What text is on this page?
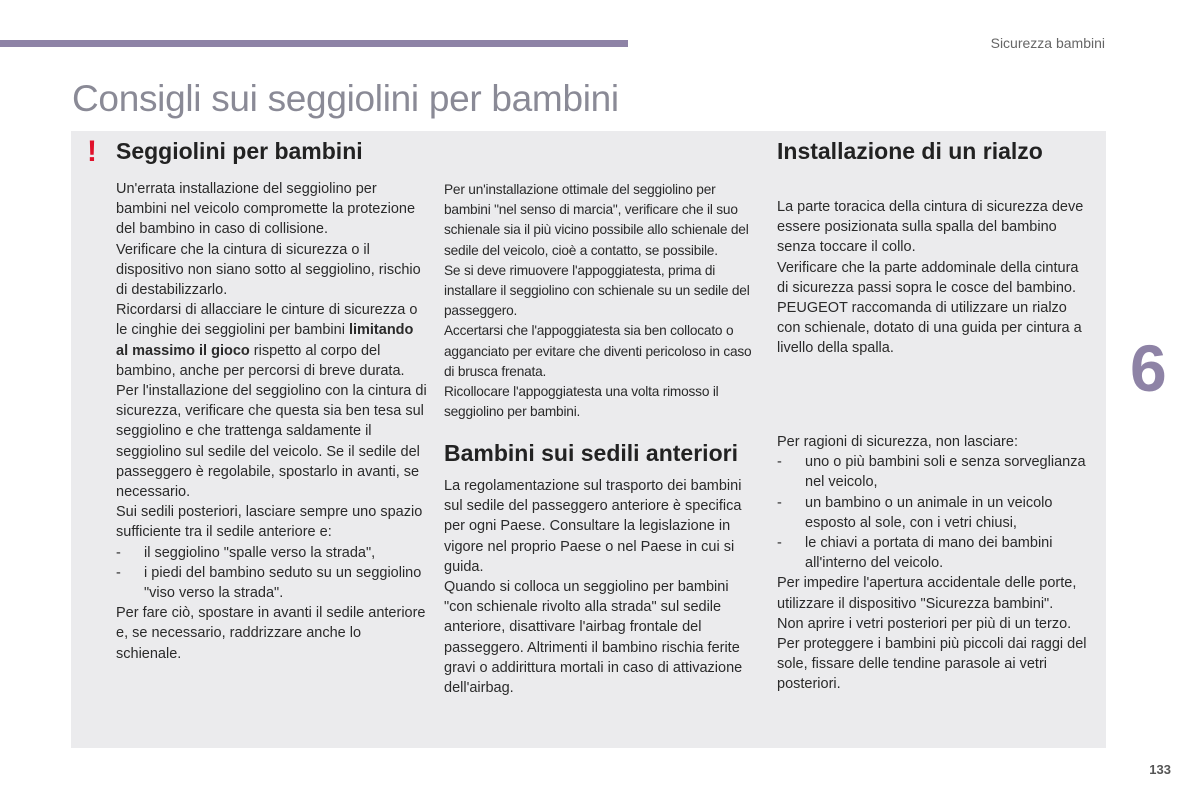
Sicurezza bambini
Consigli sui seggiolini per bambini
! Seggiolini per bambini	Installazione di un rialzo

Un'errata installazione del seggiolino per bambini nel veicolo compromette la protezione del bambino in caso di collisione.

Verificare che la cintura di sicurezza o il dispositivo non siano sotto al seggiolino, rischio di destabilizzarlo.

Ricordarsi di allacciare le cinture di sicurezza o le cinghie dei seggiolini per bambini limitando al massimo il gioco rispetto al corpo del bambino, anche per percorsi di breve durata.

Per l'installazione del seggiolino con la cintura di sicurezza, verificare che questa sia ben tesa sul seggiolino e che trattenga saldamente il seggiolino sul sedile del veicolo. Se il sedile del passeggero è regolabile, spostarlo in avanti, se necessario.

Sui sedili posteriori, lasciare sempre uno spazio sufficiente tra il sedile anteriore e:

-	il seggiolino "spalle verso la strada",
-	i piedi del bambino seduto su un seggiolino "viso verso la strada".

Per fare ciò, spostare in avanti il sedile anteriore e, se necessario, raddrizzare anche lo schienale.

Per un'installazione ottimale del seggiolino per bambini "nel senso di marcia", verificare che il suo schienale sia il più vicino possibile allo schienale del sedile del veicolo, cioè a contatto, se possibile.

Se si deve rimuovere l'appoggiatesta, prima di installare il seggiolino con schienale su un sedile del passeggero.

Accertarsi che l'appoggiatesta sia ben collocato o agganciato per evitare che diventi pericoloso in caso di brusca frenata.

Ricollocare l'appoggiatesta una volta rimosso il seggiolino per bambini.

Bambini sui sedili anteriori

La regolamentazione sul trasporto dei bambini sul sedile del passeggero anteriore è specifica per ogni Paese. Consultare la legislazione in vigore nel proprio Paese o nel Paese in cui si guida.

Quando si colloca un seggiolino per bambini "con schienale rivolto alla strada" sul sedile anteriore, disattivare l'airbag frontale del passeggero. Altrimenti il bambino rischia ferite gravi o addirittura mortali in caso di attivazione dell'airbag.

La parte toracica della cintura di sicurezza deve essere posizionata sulla spalla del bambino senza toccare il collo.

Verificare che la parte addominale della cintura di sicurezza passi sopra le cosce del bambino.

PEUGEOT raccomanda di utilizzare un rialzo con schienale, dotato di una guida per cintura a livello della spalla.

Per ragioni di sicurezza, non lasciare:

-	uno o più bambini soli e senza sorveglianza nel veicolo,
-	un bambino o un animale in un veicolo esposto al sole, con i vetri chiusi,
-	le chiavi a portata di mano dei bambini all'interno del veicolo.

Per impedire l'apertura accidentale delle porte, utilizzare il dispositivo "Sicurezza bambini".

Non aprire i vetri posteriori per più di un terzo.

Per proteggere i bambini più piccoli dai raggi del sole, fissare delle tendine parasole ai vetri posteriori.

6
133
